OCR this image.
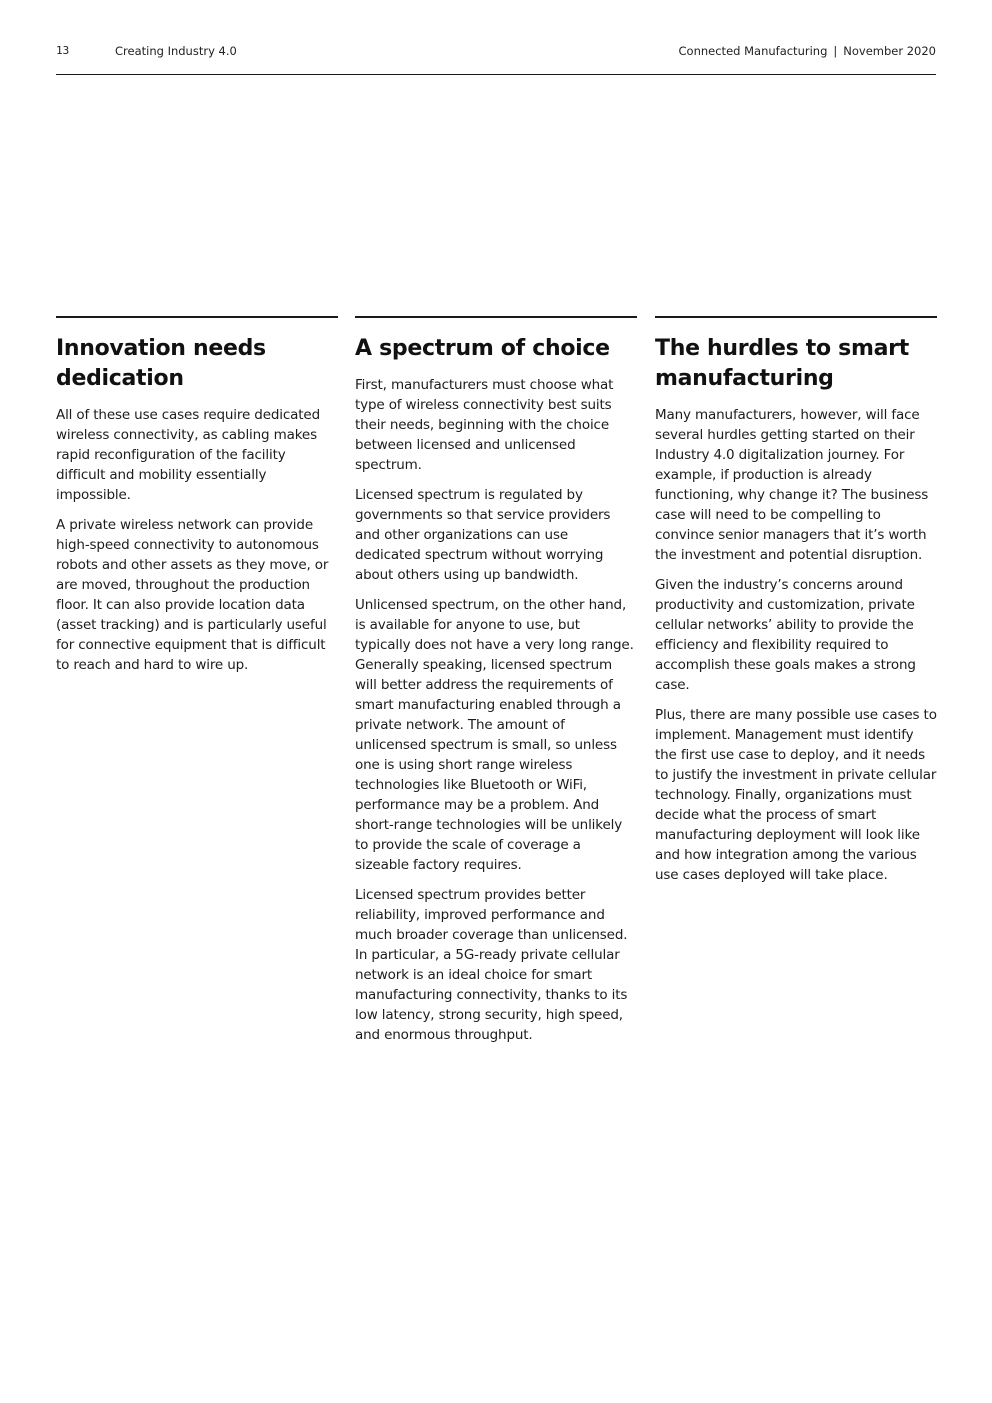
13	Creating Industry 4.0	Connected Manufacturing | November 2020
Innovation needs dedication

All of these use cases require dedicated wireless connectivity, as cabling makes rapid reconfiguration of the facility difficult and mobility essentially impossible.

A private wireless network can provide high-speed connectivity to autonomous robots and other assets as they move, or are moved, throughout the production floor. It can also provide location data (asset tracking) and is particularly useful for connective equipment that is difficult to reach and hard to wire up.

A spectrum of choice

First, manufacturers must choose what type of wireless connectivity best suits their needs, beginning with the choice between licensed and unlicensed spectrum.

Licensed spectrum is regulated by governments so that service providers and other organizations can use dedicated spectrum without worrying about others using up bandwidth.

Unlicensed spectrum, on the other hand, is available for anyone to use, but typically does not have a very long range. Generally speaking, licensed spectrum will better address the requirements of smart manufacturing enabled through a private network. The amount of unlicensed spectrum is small, so unless one is using short range wireless technologies like Bluetooth or WiFi, performance may be a problem. And short-range technologies will be unlikely to provide the scale of coverage a sizeable factory requires.

Licensed spectrum provides better reliability, improved performance and much broader coverage than unlicensed. In particular, a 5G-ready private cellular network is an ideal choice for smart manufacturing connectivity, thanks to its low latency, strong security, high speed, and enormous throughput.

The hurdles to smart manufacturing

Many manufacturers, however, will face several hurdles getting started on their Industry 4.0 digitalization journey. For example, if production is already functioning, why change it? The business case will need to be compelling to convince senior managers that it’s worth the investment and potential disruption.

Given the industry’s concerns around productivity and customization, private cellular networks’ ability to provide the efficiency and flexibility required to accomplish these goals makes a strong case.

Plus, there are many possible use cases to implement. Management must identify the first use case to deploy, and it needs to justify the investment in private cellular technology. Finally, organizations must decide what the process of smart manufacturing deployment will look like and how integration among the various use cases deployed will take place.
